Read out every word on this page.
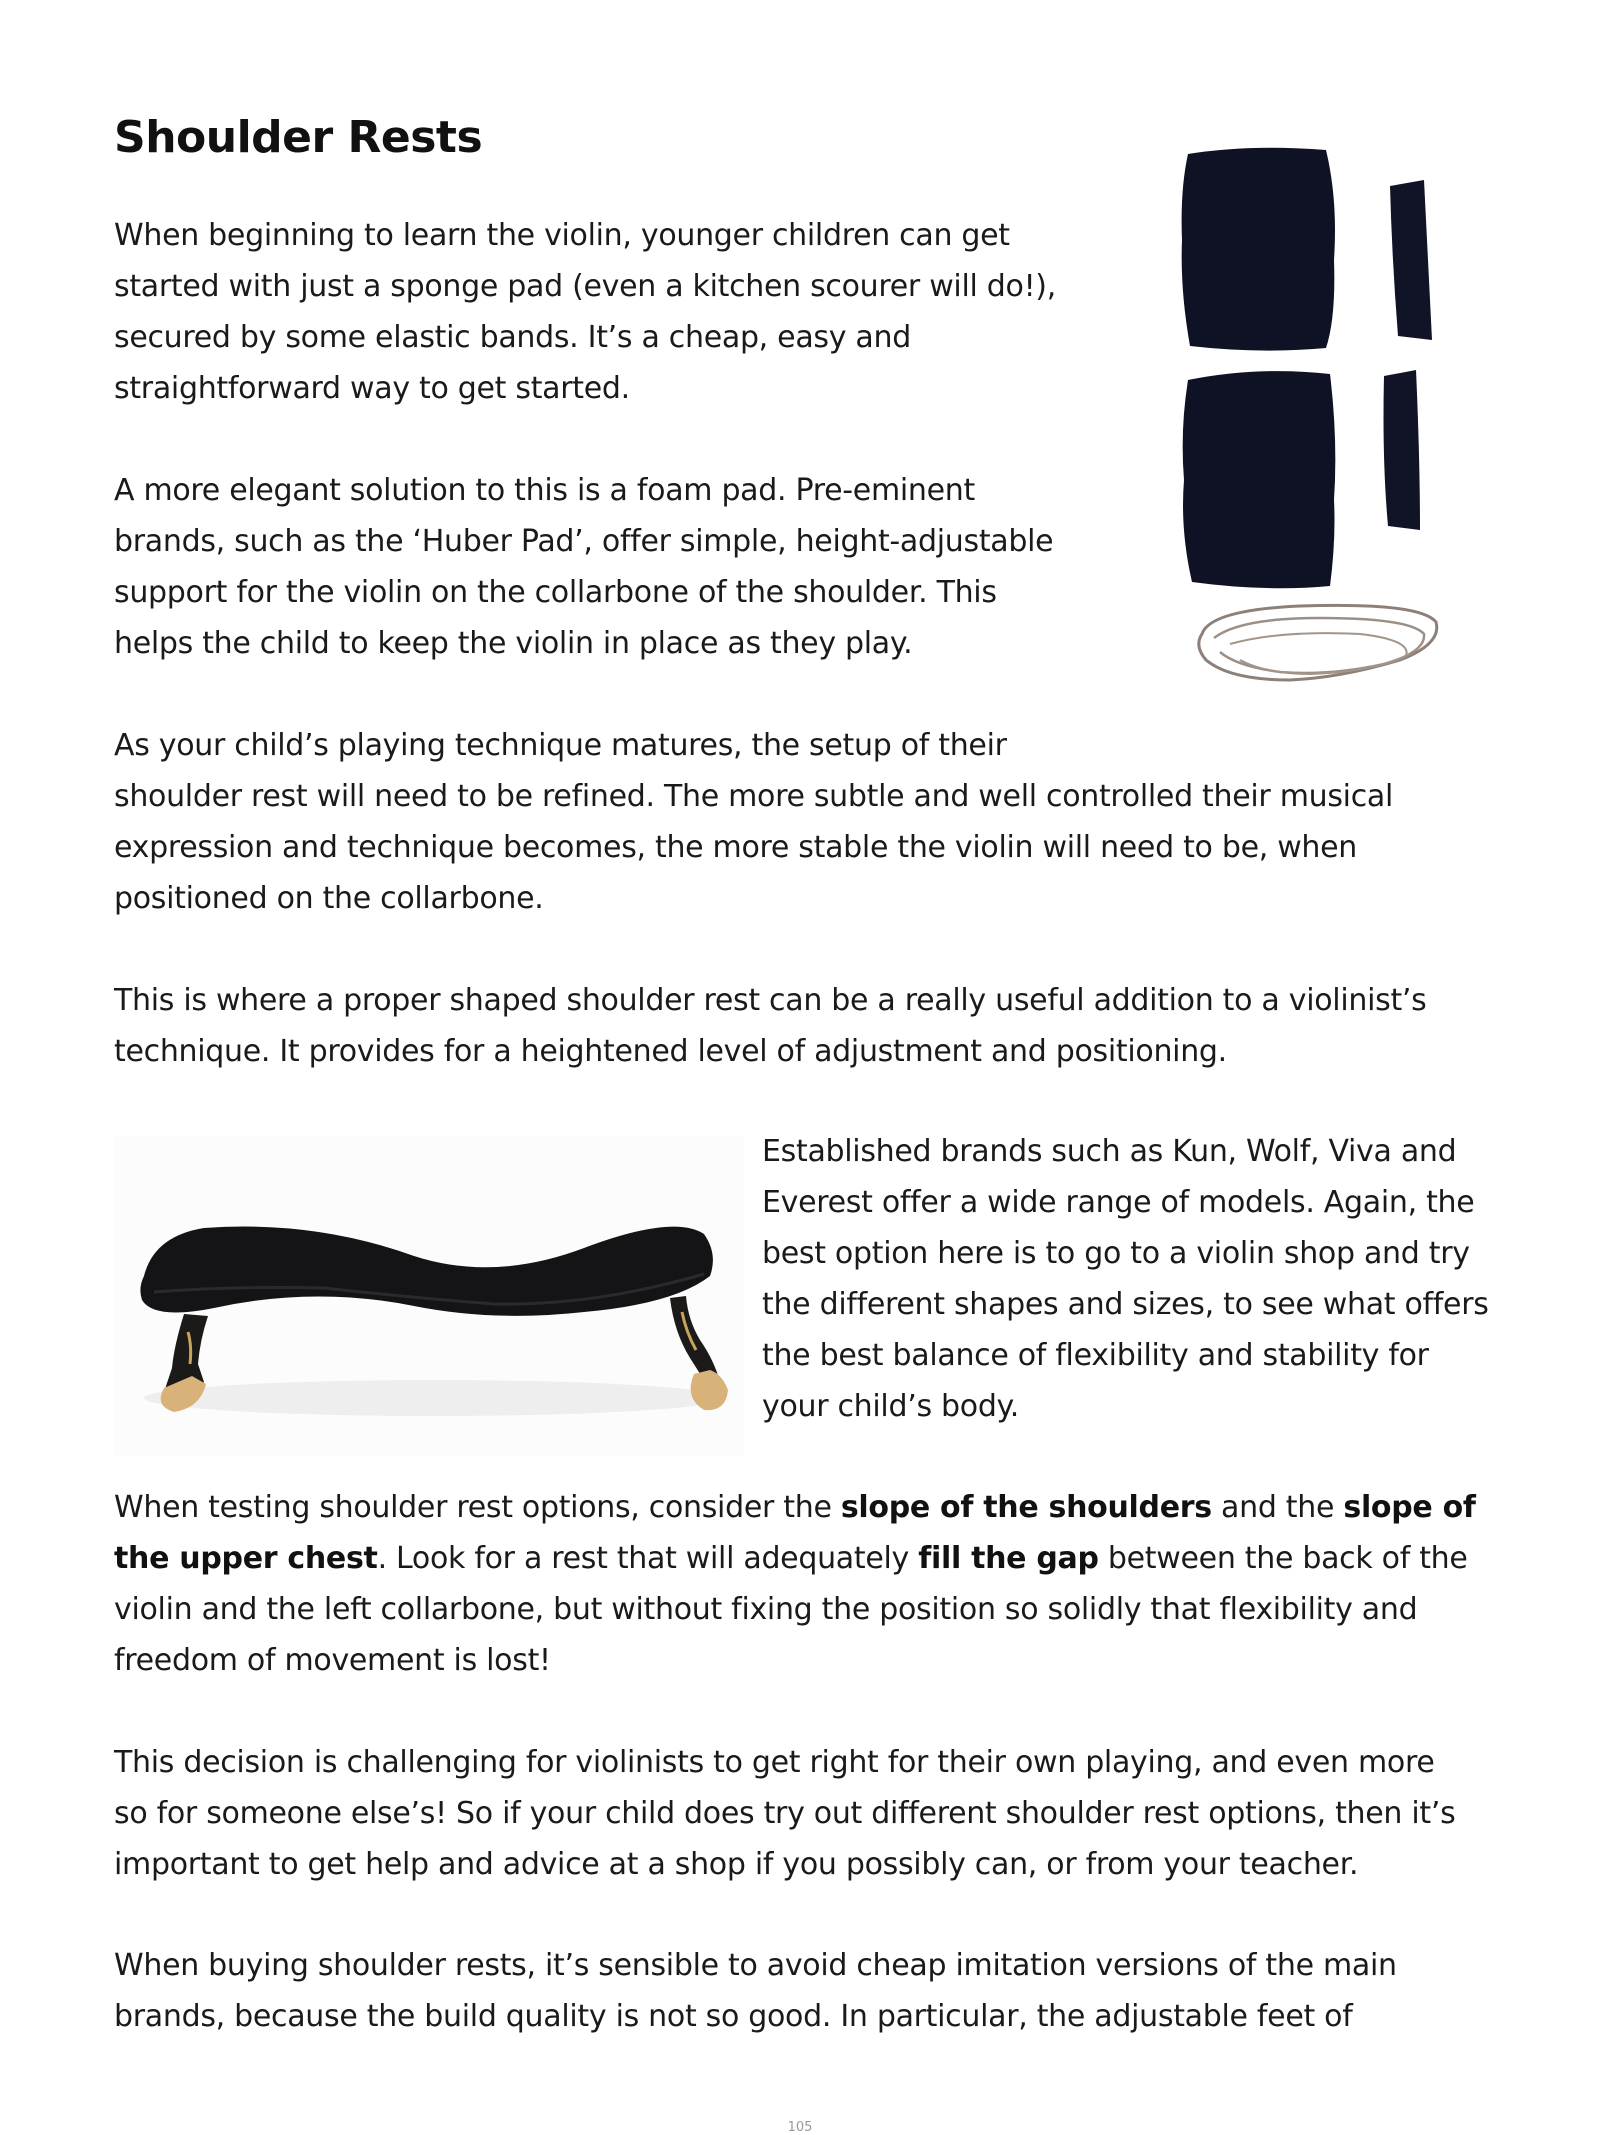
Shoulder Rests

When beginning to learn the violin, younger children can get

started with just a sponge pad (even a kitchen scourer will do!),

secured by some elastic bands. It’s a cheap, easy and

straightforward way to get started.

A more elegant solution to this is a foam pad. Pre-eminent

brands, such as the ‘Huber Pad’, offer simple, height-adjustable

support for the violin on the collarbone of the shoulder. This

helps the child to keep the violin in place as they play.

As your child’s playing technique matures, the setup of their

shoulder rest will need to be refined. The more subtle and well controlled their musical

expression and technique becomes, the more stable the violin will need to be, when

positioned on the collarbone.

This is where a proper shaped shoulder rest can be a really useful addition to a violinist’s

technique. It provides for a heightened level of adjustment and positioning.

Established brands such as Kun, Wolf, Viva and

Everest offer a wide range of models. Again, the

best option here is to go to a violin shop and try

the different shapes and sizes, to see what offers

the best balance of flexibility and stability for

your child’s body.

When testing shoulder rest options, consider the slope of the shoulders and the slope of

the upper chest. Look for a rest that will adequately fill the gap between the back of the

violin and the left collarbone, but without fixing the position so solidly that flexibility and

freedom of movement is lost!

This decision is challenging for violinists to get right for their own playing, and even more

so for someone else’s! So if your child does try out different shoulder rest options, then it’s

important to get help and advice at a shop if you possibly can, or from your teacher.

When buying shoulder rests, it’s sensible to avoid cheap imitation versions of the main

brands, because the build quality is not so good. In particular, the adjustable feet of

105
